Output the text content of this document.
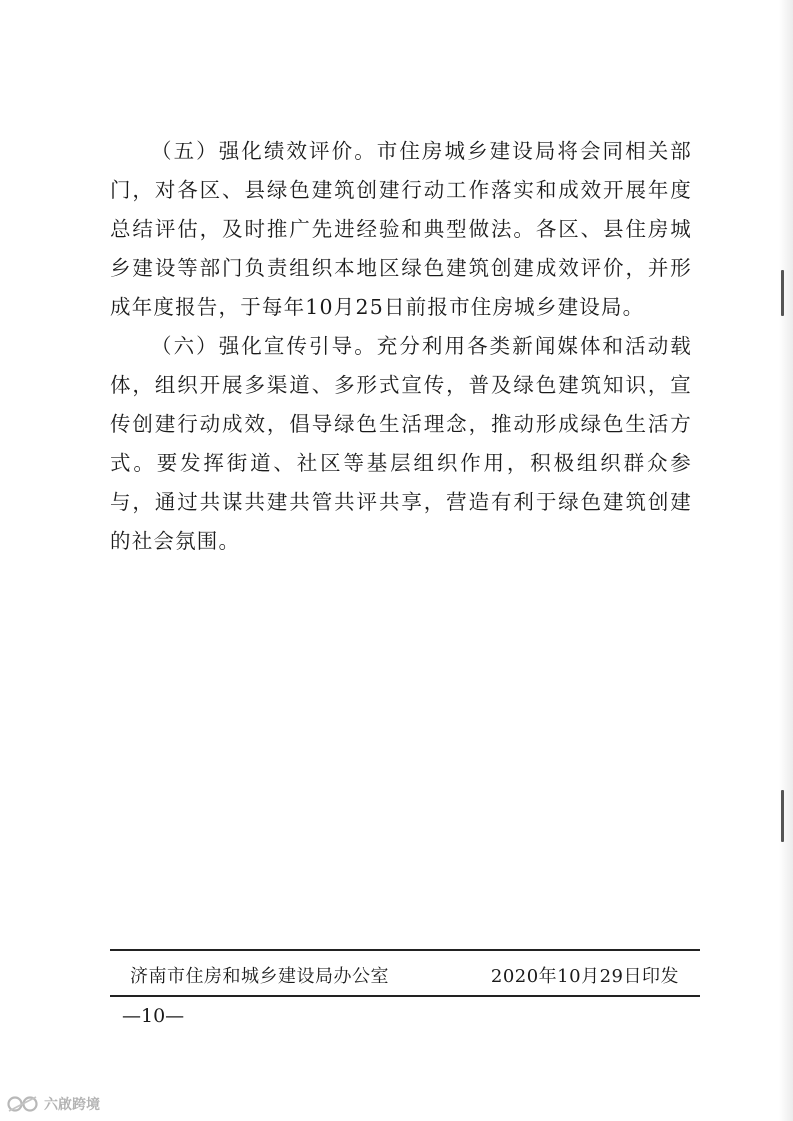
（五）强化绩效评价。市住房城乡建设局将会同相关部门，对各区、县绿色建筑创建行动工作落实和成效开展年度总结评估，及时推广先进经验和典型做法。各区、县住房城乡建设等部门负责组织本地区绿色建筑创建成效评价，并形成年度报告，于每年10月25日前报市住房城乡建设局。

（六）强化宣传引导。充分利用各类新闻媒体和活动载体，组织开展多渠道、多形式宣传，普及绿色建筑知识，宣传创建行动成效，倡导绿色生活理念，推动形成绿色生活方式。要发挥街道、社区等基层组织作用，积极组织群众参与，通过共谋共建共管共评共享，营造有利于绿色建筑创建的社会氛围。

济南市住房和城乡建设局办公室	2020年10月29日印发
—10—
六啟跨境
